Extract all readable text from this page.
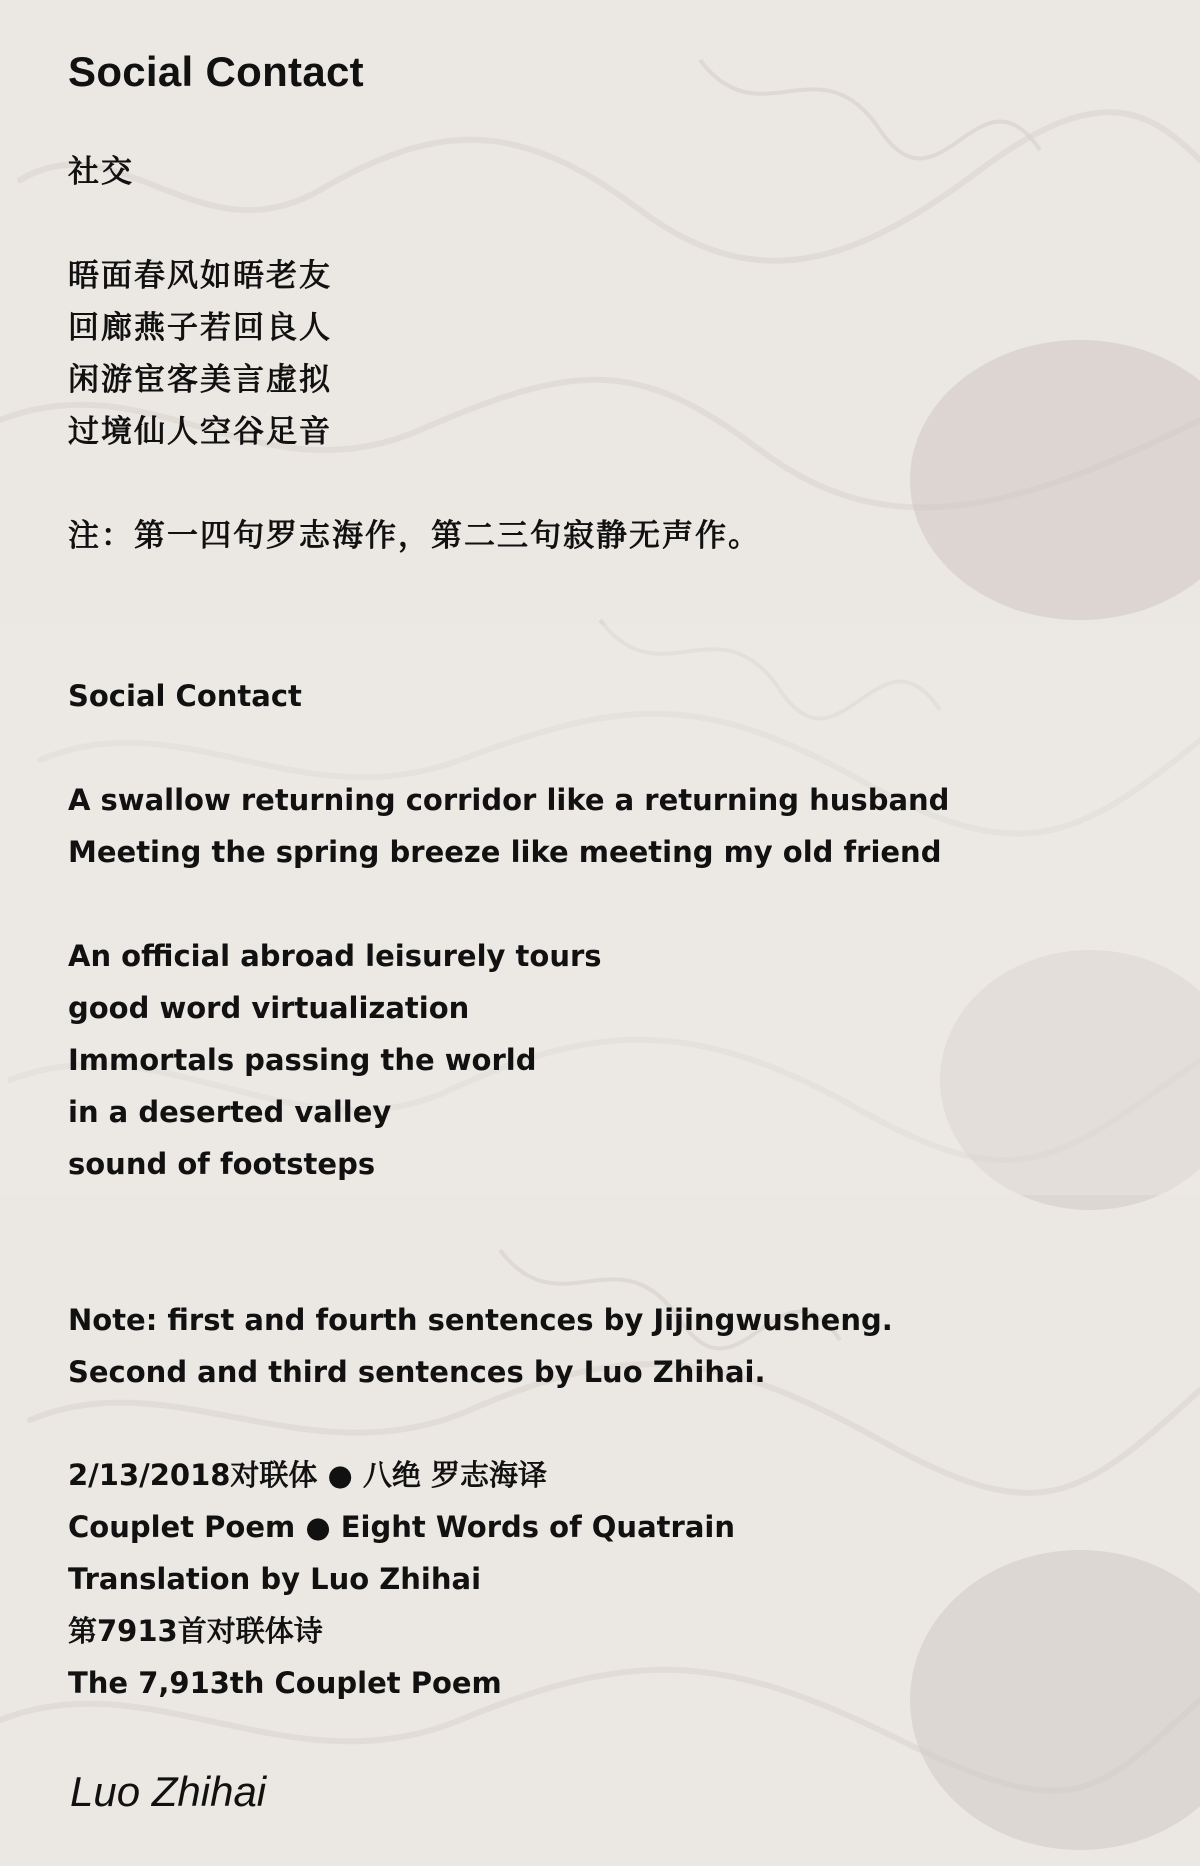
Social Contact
社交
晤面春风如晤老友
回廊燕子若回良人
闲游宦客美言虚拟
过境仙人空谷足音
注：第一四句罗志海作，第二三句寂静无声作。
Social Contact
A swallow returning corridor like a returning husband
Meeting the spring breeze like meeting my old friend
An official abroad leisurely tours
good word virtualization
Immortals passing the world
in a deserted valley
sound of footsteps
Note: first and fourth sentences by Jijingwusheng.
Second and third sentences by Luo Zhihai.
2/13/2018对联体 ● 八绝 罗志海译
Couplet Poem ● Eight Words of Quatrain
Translation by Luo Zhihai
第7913首对联体诗
The 7,913th Couplet Poem
Luo Zhihai
